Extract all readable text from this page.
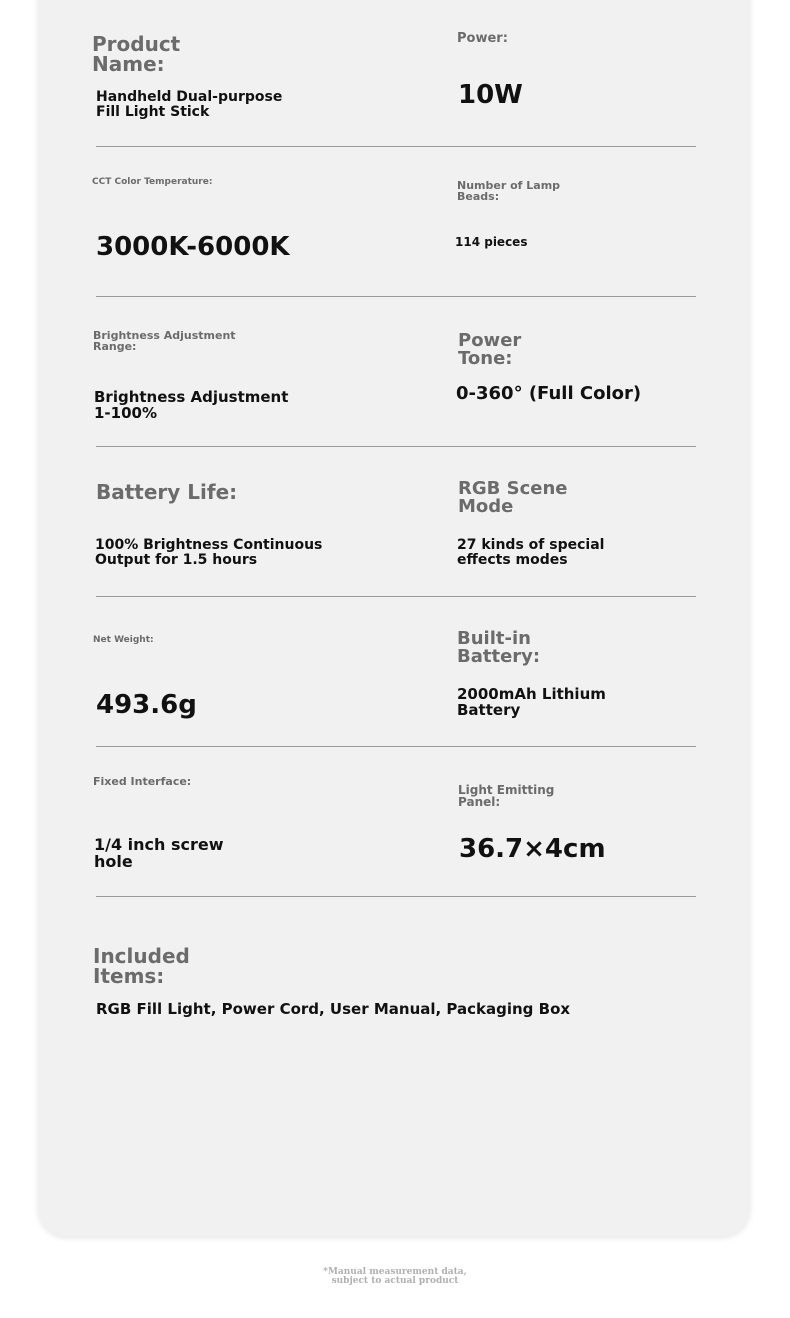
Product
Name:
Handheld Dual-purpose
Fill Light Stick
Power:
10W
CCT Color Temperature:
3000K-6000K
Number of Lamp
Beads:
114 pieces
Brightness Adjustment
Range:
Brightness Adjustment
1-100%
Power
Tone:
0-360° (Full Color)
Battery Life:
100% Brightness Continuous
Output for 1.5 hours
RGB Scene
Mode
27 kinds of special
effects modes
Net Weight:
493.6g
Built-in
Battery:
2000mAh Lithium
Battery
Fixed Interface:
1/4 inch screw
hole
Light Emitting
Panel:
36.7×4cm
Included
Items:
RGB Fill Light, Power Cord, User Manual, Packaging Box
*Manual measurement data,
subject to actual product
